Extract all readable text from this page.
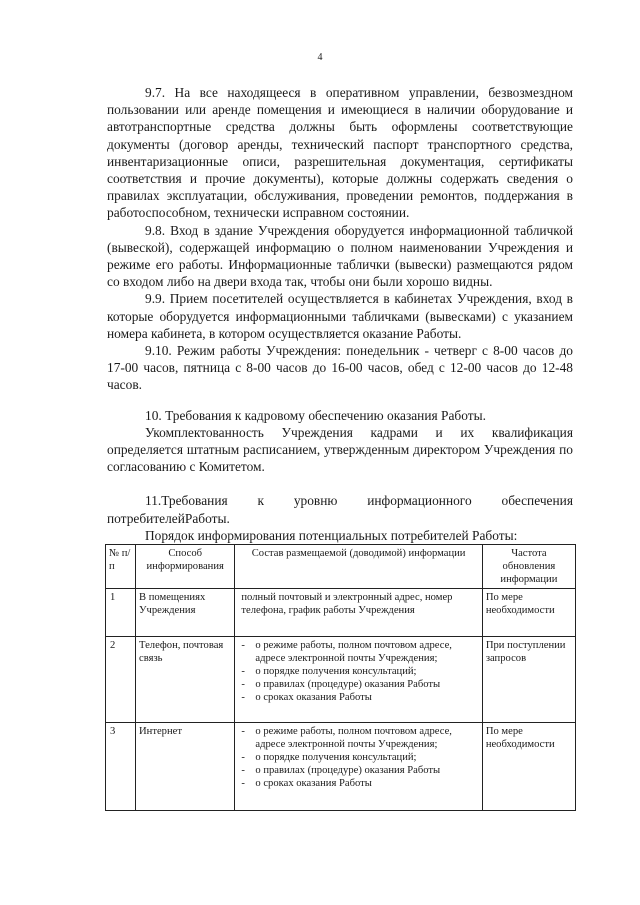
4

9.7. На все находящееся в оперативном управлении, безвозмездном пользовании или аренде помещения и имеющиеся в наличии оборудование и автотранспортные средства должны быть оформлены соответствующие документы (договор аренды, технический паспорт транспортного средства, инвентаризационные описи, разрешительная документация, сертификаты соответствия и прочие документы), которые должны содержать сведения о правилах эксплуатации, обслуживания, проведении ремонтов, поддержания в работоспособном, технически исправном состоянии.

9.8. Вход в здание Учреждения оборудуется информационной табличкой (вывеской), содержащей информацию о полном наименовании Учреждения и режиме его работы. Информационные таблички (вывески) размещаются рядом со входом либо на двери входа так, чтобы они были хорошо видны.

9.9. Прием посетителей осуществляется в кабинетах Учреждения, вход в которые оборудуется информационными табличками (вывесками) с указанием номера кабинета, в котором осуществляется оказание Работы.

9.10. Режим работы Учреждения: понедельник - четверг с 8-00 часов до 17-00 часов, пятница с 8-00 часов до 16-00 часов, обед с 12-00 часов до 12-48 часов.

10. Требования к кадровому обеспечению оказания Работы.

Укомплектованность Учреждения кадрами и их квалификация определяется штатным расписанием, утвержденным директором Учреждения по согласованию с Комитетом.

11.Требования к уровню информационного обеспечения потребителейРаботы.

Порядок информирования потенциальных потребителей Работы:

№ п/п	Способ информирования	Состав размещаемой (доводимой) информации	Частота обновления информации
1	В помещениях Учреждения	полный почтовый и электронный адрес, номер телефона, график работы Учреждения	По мере необходимости
2	Телефон, почтовая связь	- о режиме работы, полном почтовом адресе, адресе электронной почты Учреждения;
- о порядке получения консультаций;
- о правилах (процедуре) оказания Работы
- о сроках оказания Работы	При поступлении запросов
3	Интернет	- о режиме работы, полном почтовом адресе, адресе электронной почты Учреждения;
- о порядке получения консультаций;
- о правилах (процедуре) оказания Работы
- о сроках оказания Работы	По мере необходимости
